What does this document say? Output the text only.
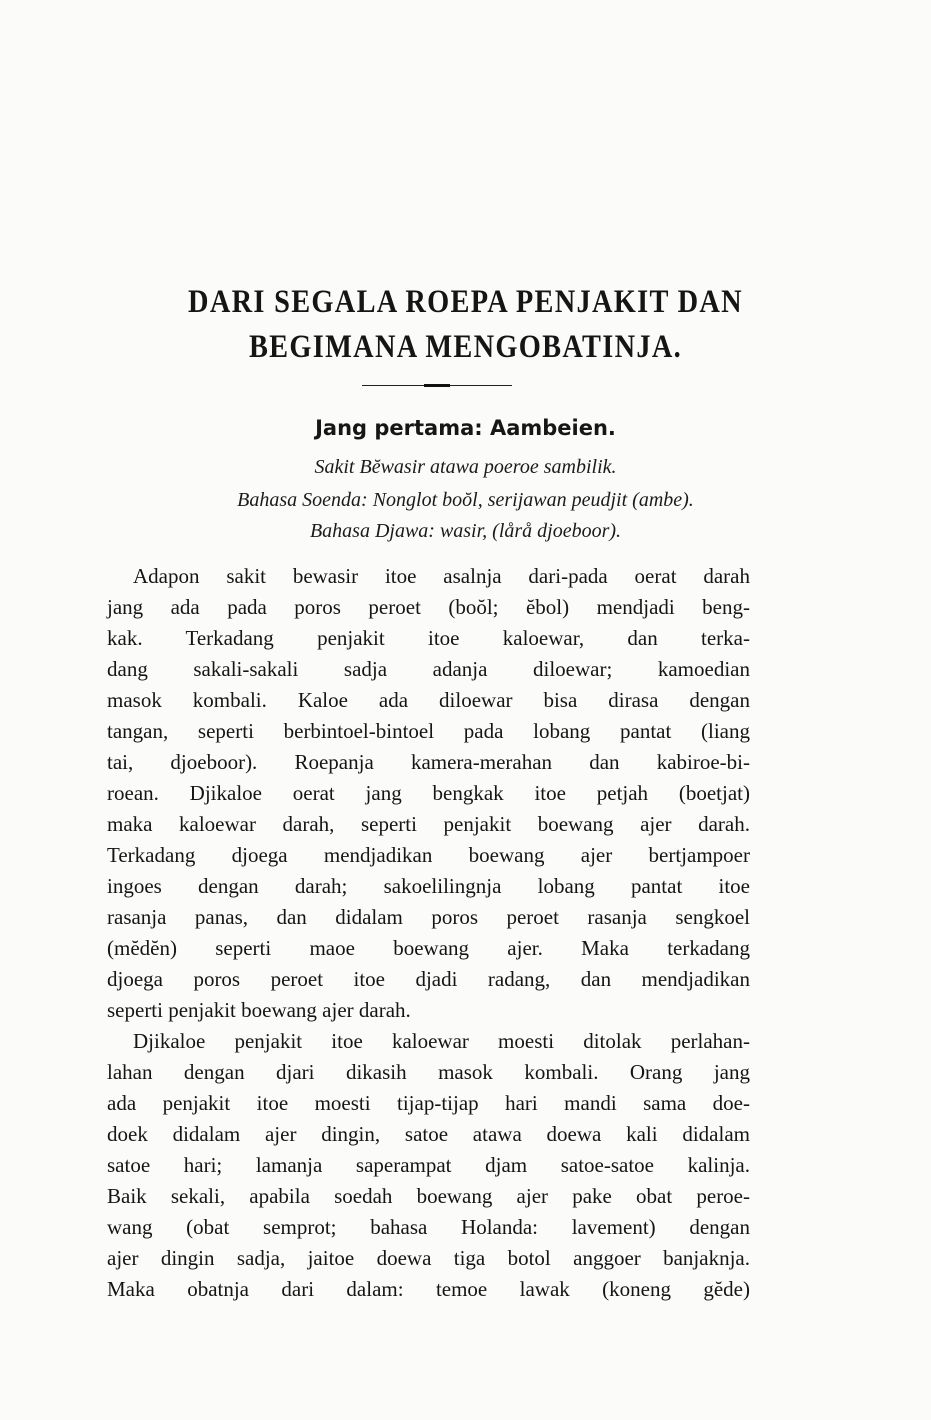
DARI SEGALA ROEPA PENJAKIT DAN
BEGIMANA MENGOBATINJA.
Jang pertama: Aambeien.
Sakit Bĕwasir atawa poeroe sambilik.
Bahasa Soenda: Nonglot boŏl, serijawan peudjit (ambe).
Bahasa Djawa: wasir, (lårå djoeboor).

Adapon sakit bewasir itoe asalnja dari-pada oerat darah
jang ada pada poros peroet (boŏl; ĕbol) mendjadi beng-
kak. Terkadang penjakit itoe kaloewar, dan terka-
dang sakali-sakali sadja adanja diloewar; kamoedian
masok kombali. Kaloe ada diloewar bisa dirasa dengan
tangan, seperti berbintoel-bintoel pada lobang pantat (liang
tai, djoeboor). Roepanja kamera-merahan dan kabiroe-bi-
roean. Djikaloe oerat jang bengkak itoe petjah (boetjat)
maka kaloewar darah, seperti penjakit boewang ajer darah.
Terkadang djoega mendjadikan boewang ajer bertjampoer
ingoes dengan darah; sakoelilingnja lobang pantat itoe
rasanja panas, dan didalam poros peroet rasanja sengkoel
(mĕdĕn) seperti maoe boewang ajer. Maka terkadang
djoega poros peroet itoe djadi radang, dan mendjadikan
seperti penjakit boewang ajer darah.

Djikaloe penjakit itoe kaloewar moesti ditolak perlahan-
lahan dengan djari dikasih masok kombali. Orang jang
ada penjakit itoe moesti tijap-tijap hari mandi sama doe-
doek didalam ajer dingin, satoe atawa doewa kali didalam
satoe hari; lamanja saperampat djam satoe-satoe kalinja.
Baik sekali, apabila soedah boewang ajer pake obat peroe-
wang (obat semprot; bahasa Holanda: lavement) dengan
ajer dingin sadja, jaitoe doewa tiga botol anggoer banjaknja.
Maka obatnja dari dalam: temoe lawak (koneng gĕde)
